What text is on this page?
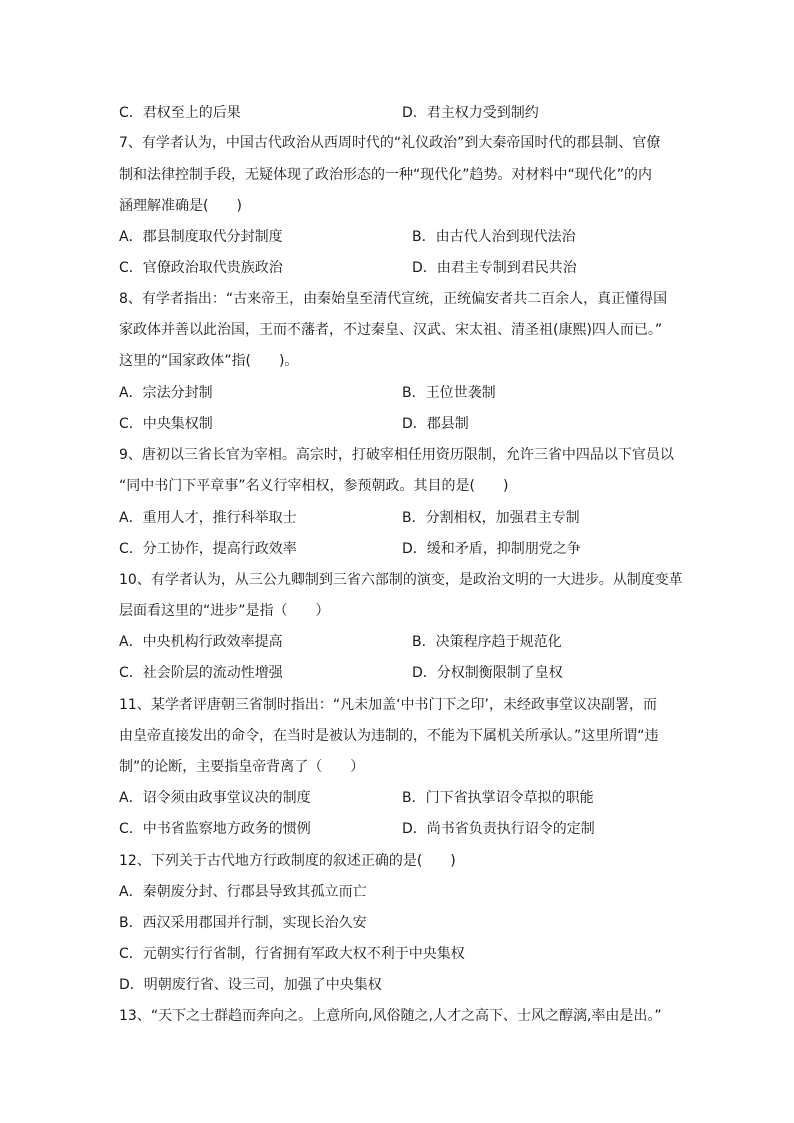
C．君权至上的后果	D．君主权力受到制约
7、有学者认为，中国古代政治从西周时代的“礼仪政治”到大秦帝国时代的郡县制、官僚
制和法律控制手段，无疑体现了政治形态的一种“现代化”趋势。对材料中“现代化”的内
涵理解准确是(　　)
A．郡县制度取代分封制度	B．由古代人治到现代法治
C．官僚政治取代贵族政治	D．由君主专制到君民共治
8、有学者指出：“古来帝王，由秦始皇至清代宣统，正统偏安者共二百余人，真正懂得国
家政体并善以此治国，王而不藩者，不过秦皇、汉武、宋太祖、清圣祖(康熙)四人而已。”
这里的“国家政体”指(　　)。
A．宗法分封制	B．王位世袭制
C．中央集权制	D．郡县制
9、唐初以三省长官为宰相。高宗时，打破宰相任用资历限制，允许三省中四品以下官员以
“同中书门下平章事”名义行宰相权，参预朝政。其目的是(　　)
A．重用人才，推行科举取士	B．分割相权，加强君主专制
C．分工协作，提高行政效率	D．缓和矛盾，抑制朋党之争
10、有学者认为，从三公九卿制到三省六部制的演变，是政治文明的一大进步。从制度变革
层面看这里的“进步”是指（　　）
A．中央机构行政效率提高	B．决策程序趋于规范化
C．社会阶层的流动性增强	D．分权制衡限制了皇权
11、某学者评唐朝三省制时指出：“凡未加盖‘中书门下之印’，未经政事堂议决副署，而
由皇帝直接发出的命令，在当时是被认为违制的，不能为下属机关所承认。”这里所谓“违
制”的论断，主要指皇帝背离了（　　）
A．诏令须由政事堂议决的制度	B．门下省执掌诏令草拟的职能
C．中书省监察地方政务的惯例	D．尚书省负责执行诏令的定制
12、下列关于古代地方行政制度的叙述正确的是(　　)
A．秦朝废分封、行郡县导致其孤立而亡
B．西汉采用郡国并行制，实现长治久安
C．元朝实行行省制，行省拥有军政大权不利于中央集权
D．明朝废行省、设三司，加强了中央集权
13、“天下之士群趋而奔向之。上意所向,风俗随之,人才之高下、士风之醇漓,率由是出。”
